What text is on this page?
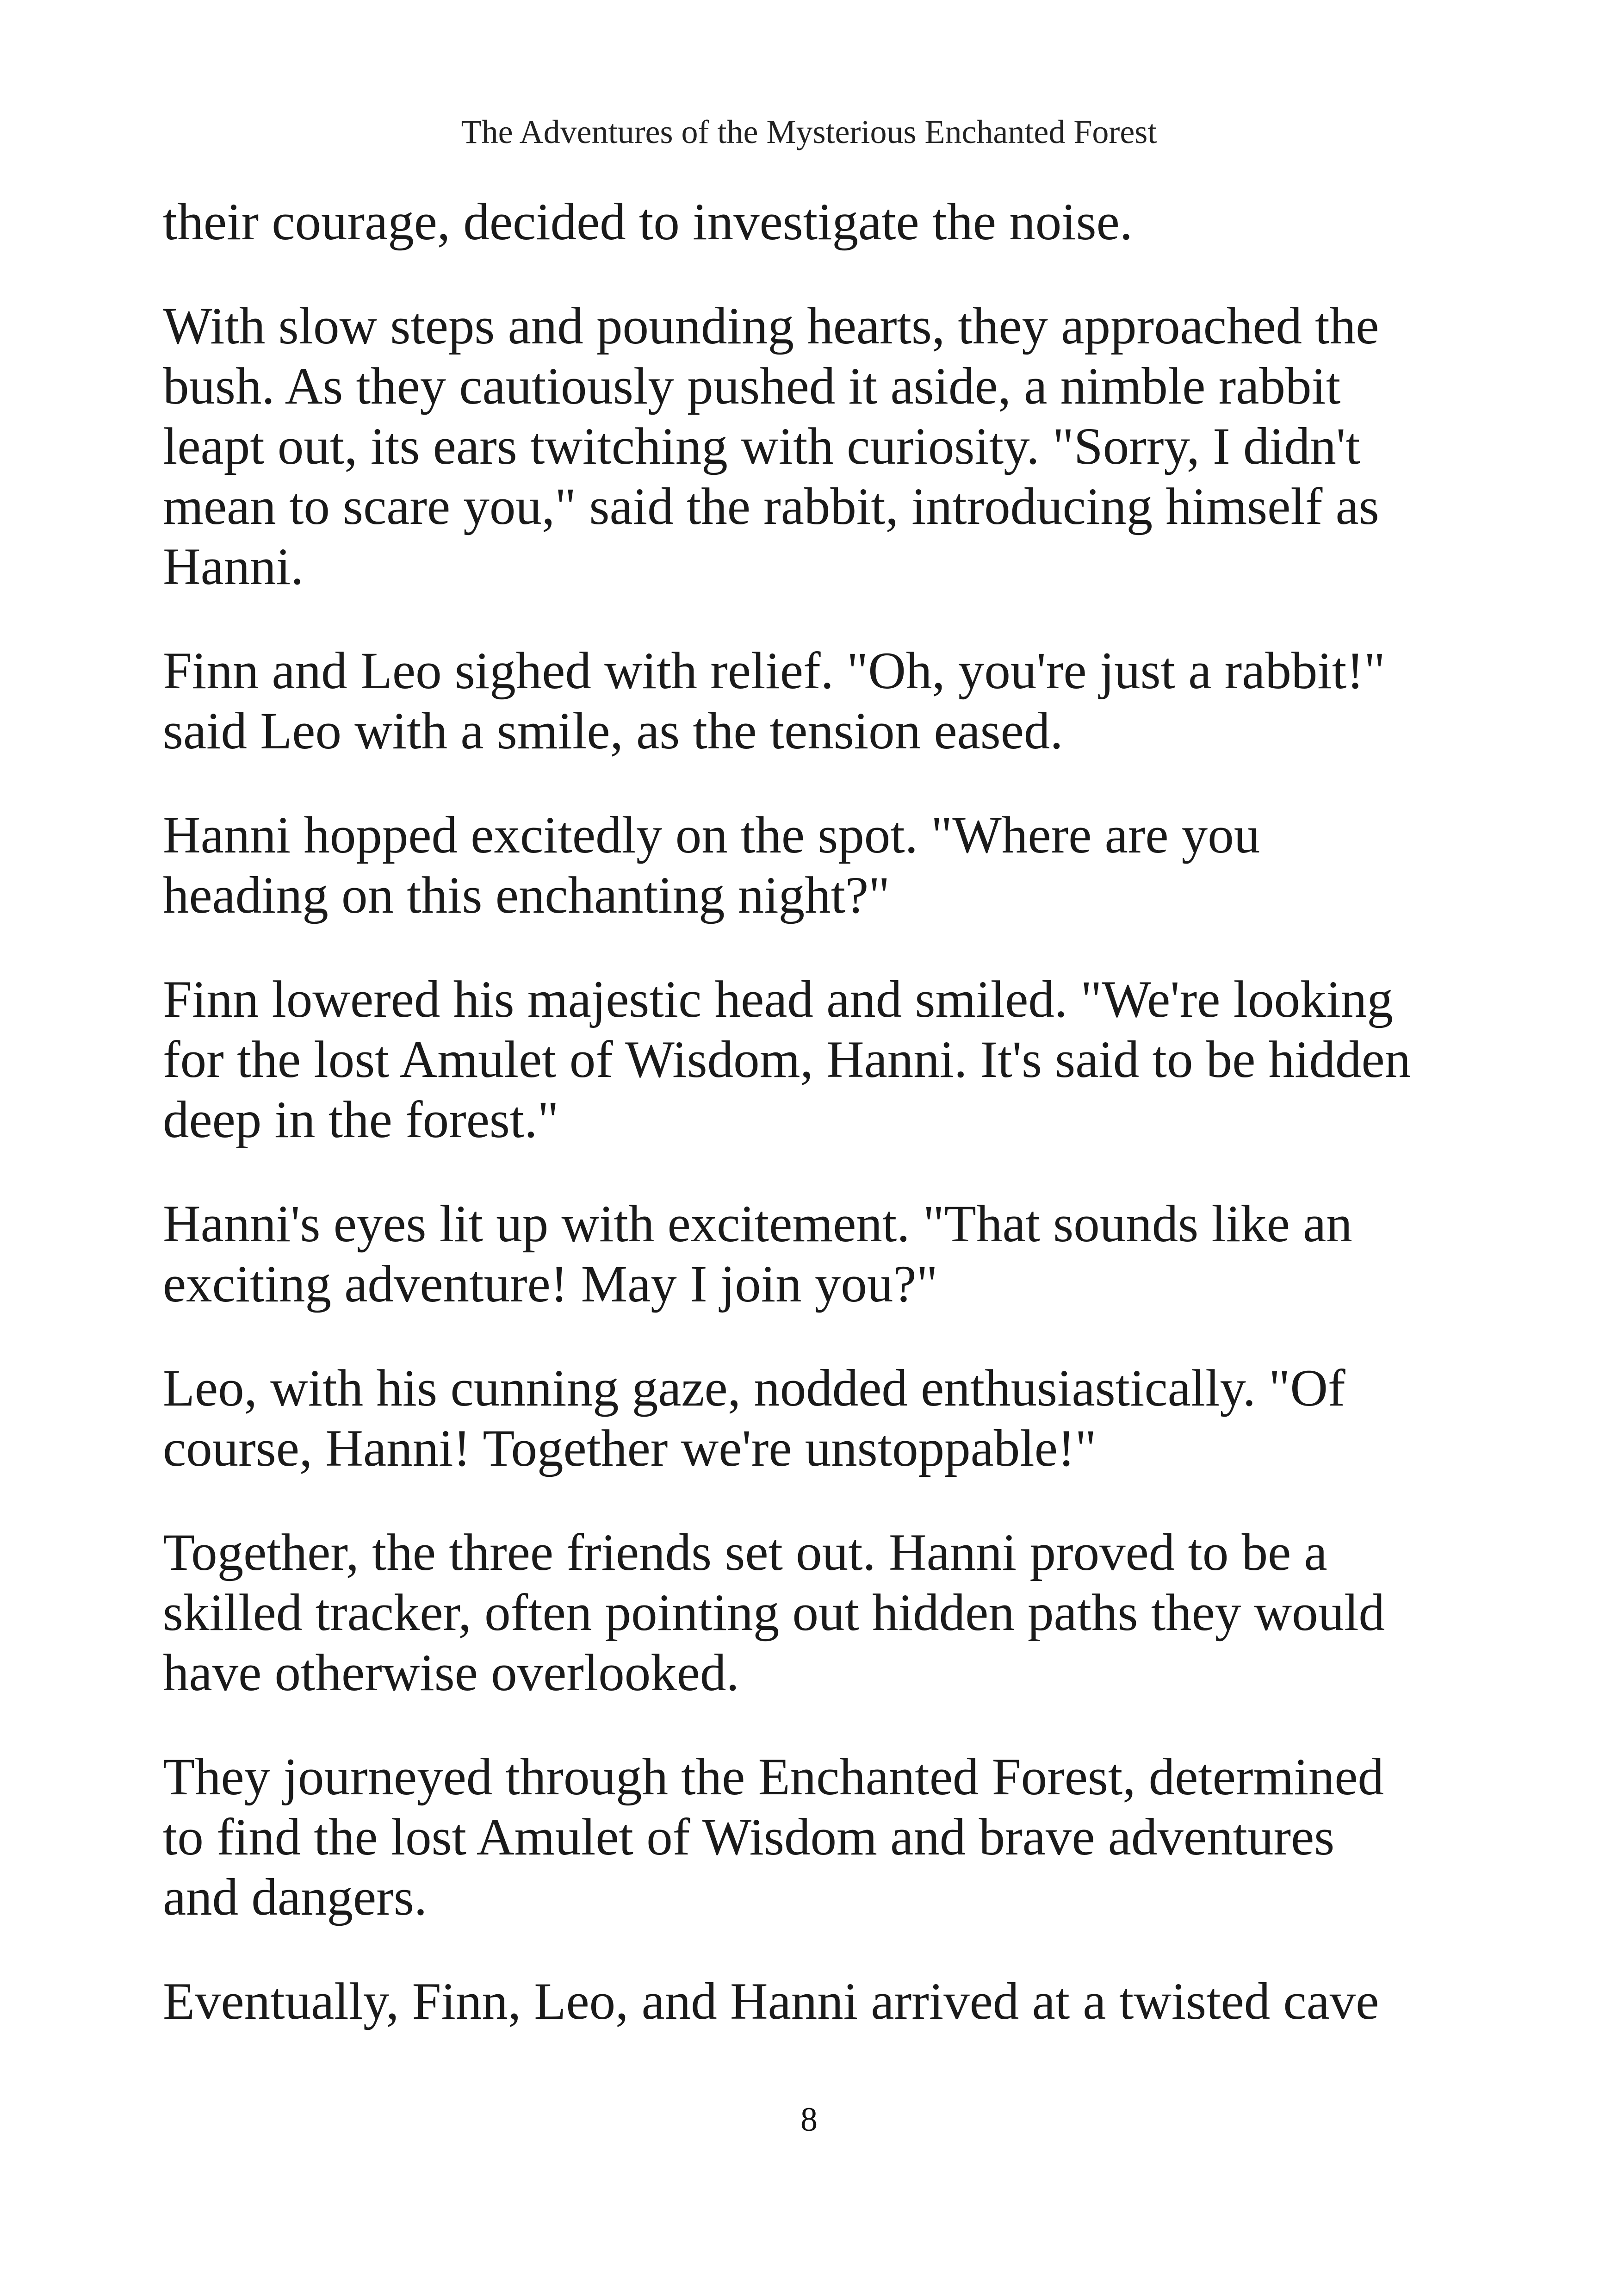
The Adventures of the Mysterious Enchanted Forest

their courage, decided to investigate the noise.

With slow steps and pounding hearts, they approached the
bush. As they cautiously pushed it aside, a nimble rabbit
leapt out, its ears twitching with curiosity. "Sorry, I didn't
mean to scare you," said the rabbit, introducing himself as
Hanni.

Finn and Leo sighed with relief. "Oh, you're just a rabbit!"
said Leo with a smile, as the tension eased.

Hanni hopped excitedly on the spot. "Where are you
heading on this enchanting night?"

Finn lowered his majestic head and smiled. "We're looking
for the lost Amulet of Wisdom, Hanni. It's said to be hidden
deep in the forest."

Hanni's eyes lit up with excitement. "That sounds like an
exciting adventure! May I join you?"

Leo, with his cunning gaze, nodded enthusiastically. "Of
course, Hanni! Together we're unstoppable!"

Together, the three friends set out. Hanni proved to be a
skilled tracker, often pointing out hidden paths they would
have otherwise overlooked.

They journeyed through the Enchanted Forest, determined
to find the lost Amulet of Wisdom and brave adventures
and dangers.

Eventually, Finn, Leo, and Hanni arrived at a twisted cave

8
